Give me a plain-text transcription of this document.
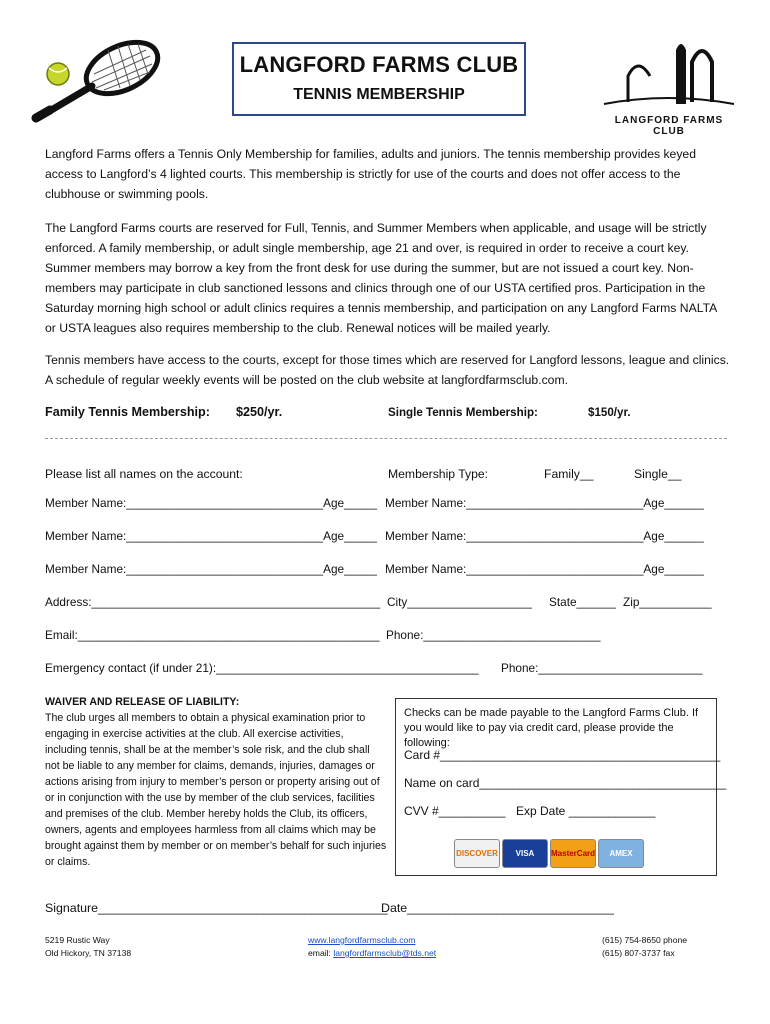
LANGFORD FARMS CLUB
TENNIS MEMBERSHIP
LANGFORD FARMS CLUB
Langford Farms offers a Tennis Only Membership for families, adults and juniors. The tennis membership provides keyed access to Langford’s 4 lighted courts. This membership is strictly for use of the courts and does not offer access to the clubhouse or swimming pools.
The Langford Farms courts are reserved for Full, Tennis, and Summer Members when applicable, and usage will be strictly enforced. A family membership, or adult single membership, age 21 and over, is required in order to receive a court key. Summer members may borrow a key from the front desk for use during the summer, but are not issued a court key. Non-members may participate in club sanctioned lessons and clinics through one of our USTA certified pros. Participation in the Saturday morning high school or adult clinics requires a tennis membership, and participation on any Langford Farms NALTA or USTA leagues also requires membership to the club. Renewal notices will be mailed yearly.
Tennis members have access to the courts, except for those times which are reserved for Langford lessons, league and clinics. A schedule of regular weekly events will be posted on the club website at langfordfarmsclub.com.
Family Tennis Membership: $250/yr.	Single Tennis Membership:	$150/yr.
Please list all names on the account:	Membership Type:	Family__	Single__
Member Name:______________________________Age_____ Member Name:___________________________Age______
Member Name:______________________________Age_____ Member Name:___________________________Age______
Member Name:______________________________Age_____ Member Name:___________________________Age______
Address:____________________________________________ City___________________ State______ Zip___________
Email:______________________________________________ Phone:___________________________
Emergency contact (if under 21):________________________________________ Phone:_________________________
WAIVER AND RELEASE OF LIABILITY:
The club urges all members to obtain a physical examination prior to engaging in exercise activities at the club. All exercise activities, including tennis, shall be at the member’s sole risk, and the club shall not be liable to any member for claims, demands, injuries, damages or actions arising from injury to member’s person or property arising out of or in conjunction with the use by member of the club services, facilities and premises of the club. Member hereby holds the Club, its officers, owners, agents and employees harmless from all claims which may be brought against them by member or on member’s behalf for such injuries or claims.
Checks can be made payable to the Langford Farms Club. If you would like to pay via credit card, please provide the following:
Card #__________________________________________
Name on card_____________________________________
CVV #__________ Exp Date _____________
DISCOVER	VISA	MasterCard	AMEX
Signature__________________________________________
Date______________________________
5219 Rustic Way
Old Hickory, TN 37138
www.langfordfarmsclub.com
email: langfordfarmsclub@tds.net
(615) 754-8650 phone
(615) 807-3737 fax
